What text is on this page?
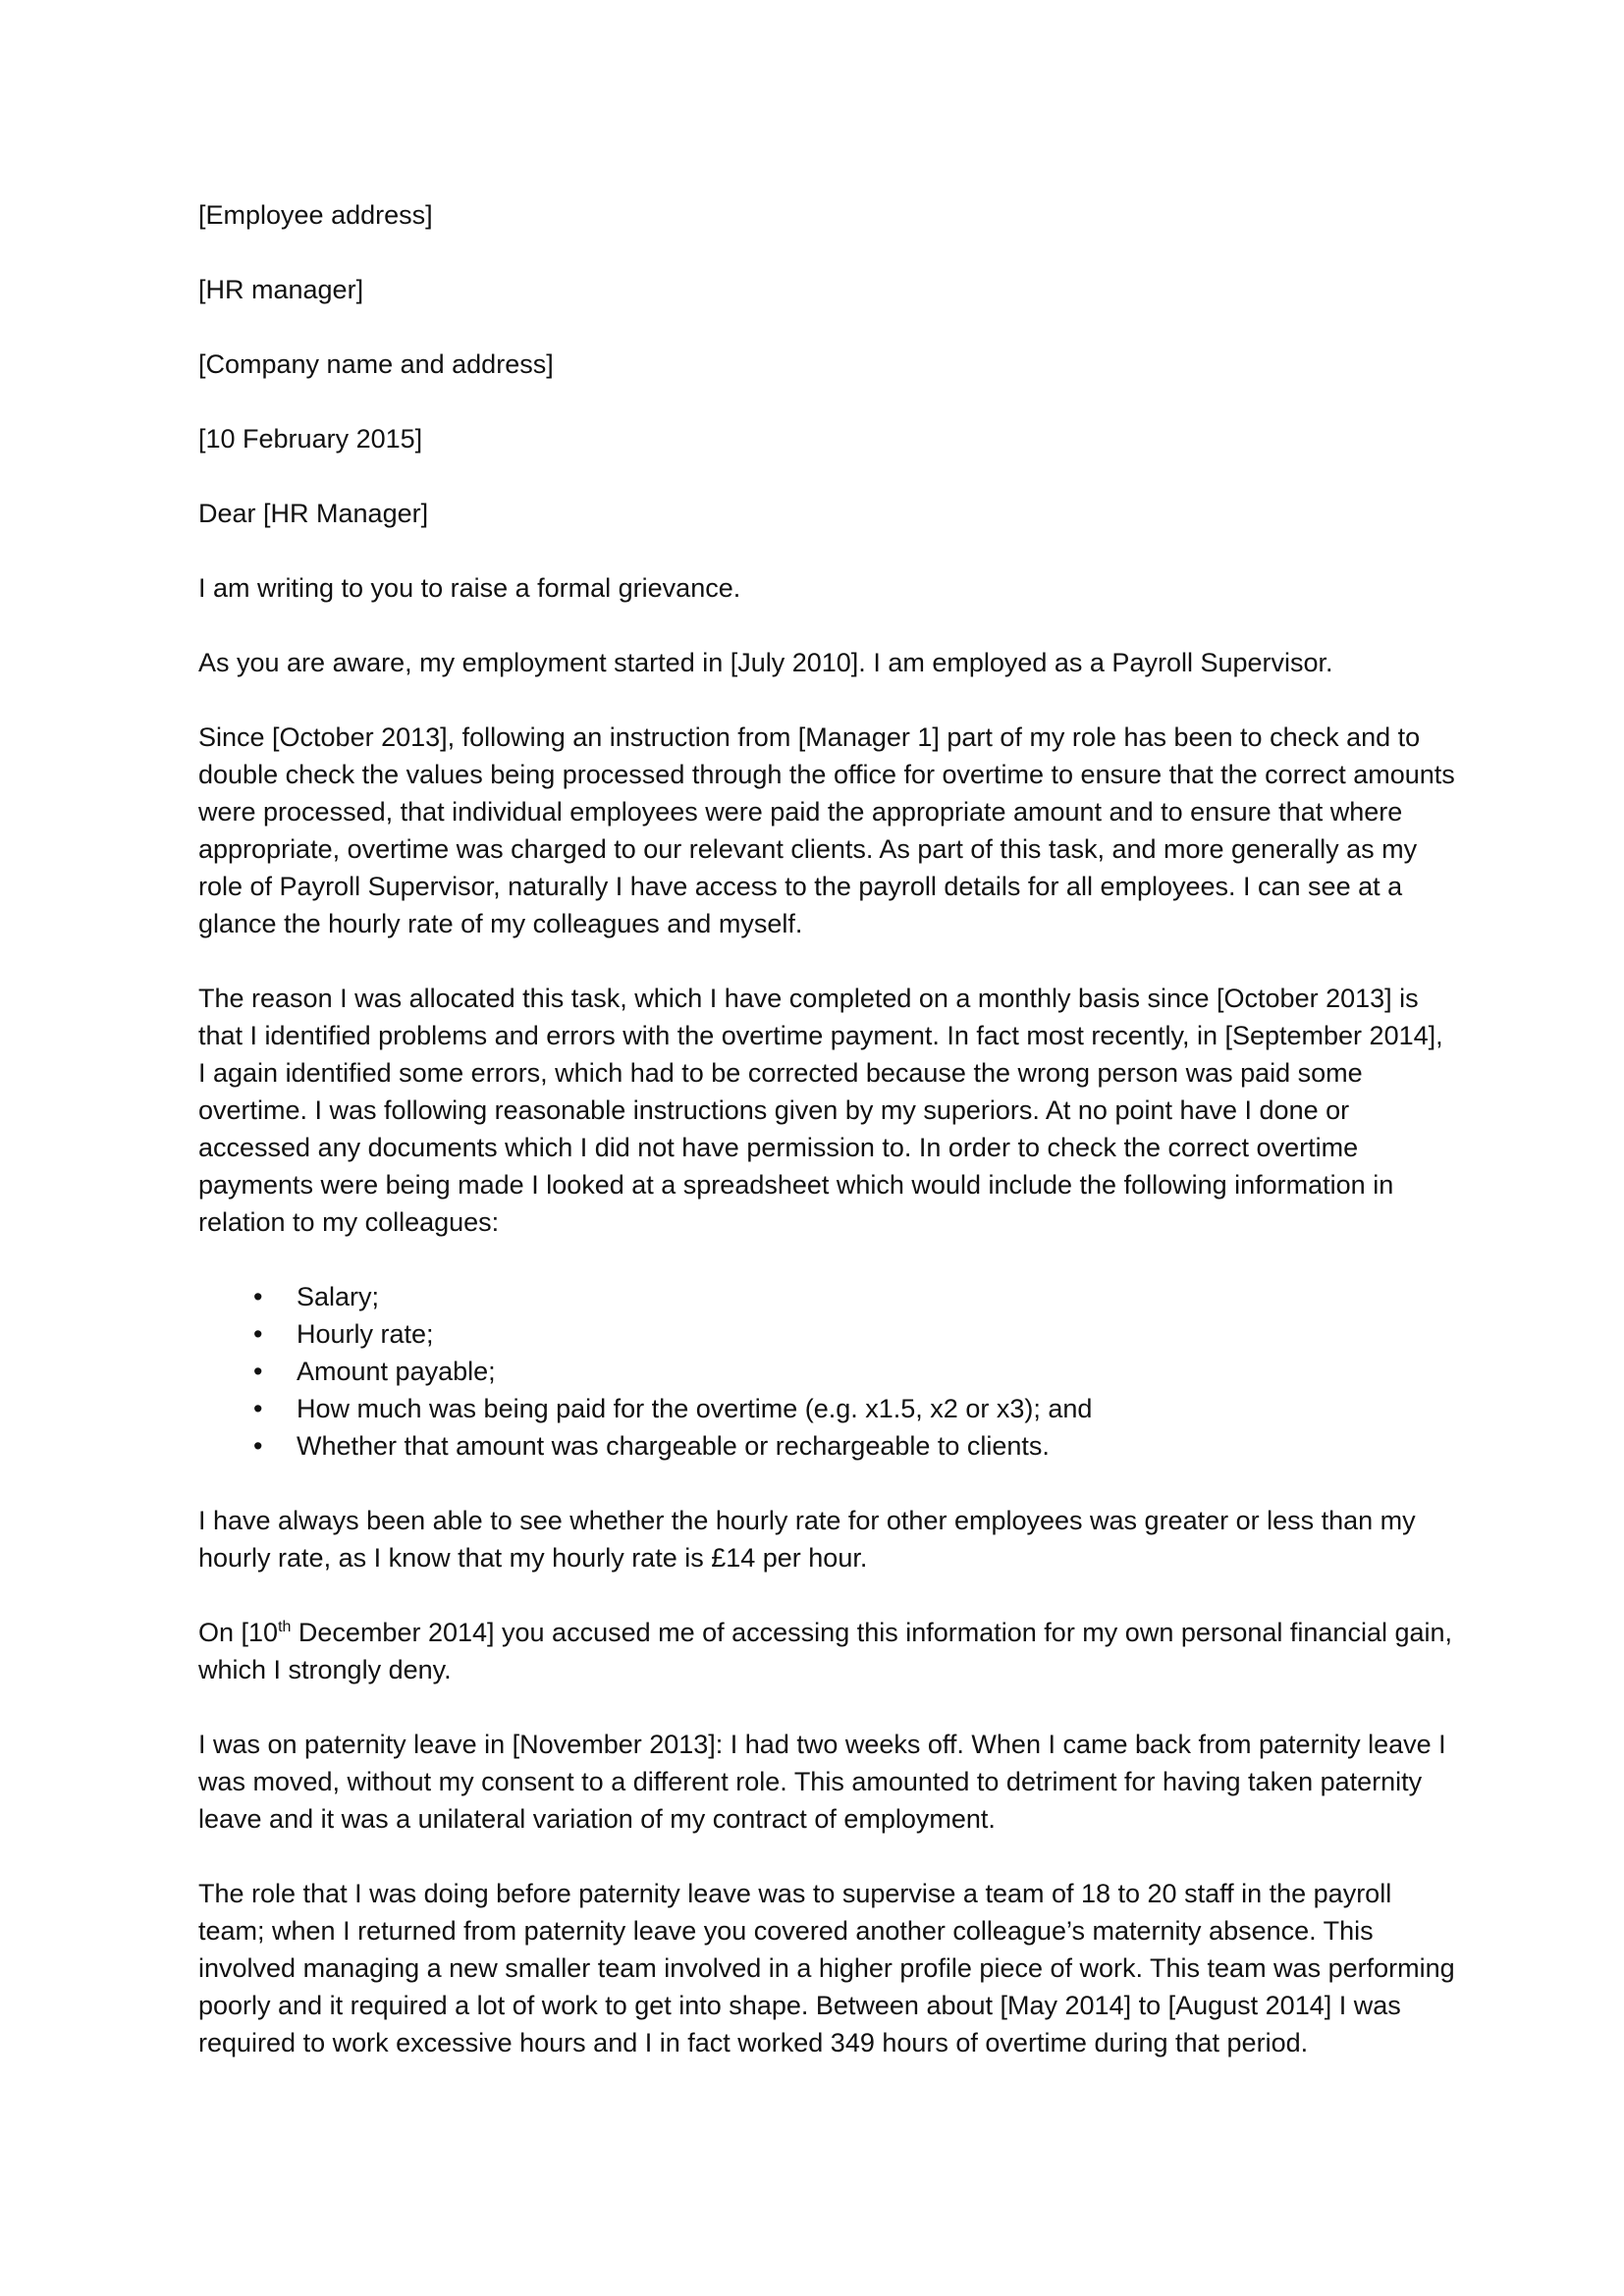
[Employee address]

[HR manager]

[Company name and address]

[10 February 2015]

Dear [HR Manager]

I am writing to you to raise a formal grievance.

As you are aware, my employment started in [July 2010]. I am employed as a Payroll Supervisor.

Since [October 2013], following an instruction from [Manager 1] part of my role has been to check and to double check the values being processed through the office for overtime to ensure that the correct amounts were processed, that individual employees were paid the appropriate amount and to ensure that where appropriate, overtime was charged to our relevant clients. As part of this task, and more generally as my role of Payroll Supervisor, naturally I have access to the payroll details for all employees. I can see at a glance the hourly rate of my colleagues and myself.

The reason I was allocated this task, which I have completed on a monthly basis since [October 2013] is that I identified problems and errors with the overtime payment. In fact most recently, in [September 2014], I again identified some errors, which had to be corrected because the wrong person was paid some overtime. I was following reasonable instructions given by my superiors. At no point have I done or accessed any documents which I did not have permission to. In order to check the correct overtime payments were being made I looked at a spreadsheet which would include the following information in relation to my colleagues:

• Salary;
• Hourly rate;
• Amount payable;
• How much was being paid for the overtime (e.g. x1.5, x2 or x3); and
• Whether that amount was chargeable or rechargeable to clients.

I have always been able to see whether the hourly rate for other employees was greater or less than my hourly rate, as I know that my hourly rate is £14 per hour.

On [10th December 2014] you accused me of accessing this information for my own personal financial gain, which I strongly deny.

I was on paternity leave in [November 2013]: I had two weeks off. When I came back from paternity leave I was moved, without my consent to a different role. This amounted to detriment for having taken paternity leave and it was a unilateral variation of my contract of employment.

The role that I was doing before paternity leave was to supervise a team of 18 to 20 staff in the payroll team; when I returned from paternity leave you covered another colleague’s maternity absence. This involved managing a new smaller team involved in a higher profile piece of work. This team was performing poorly and it required a lot of work to get into shape. Between about [May 2014] to [August 2014] I was required to work excessive hours and I in fact worked 349 hours of overtime during that period.
